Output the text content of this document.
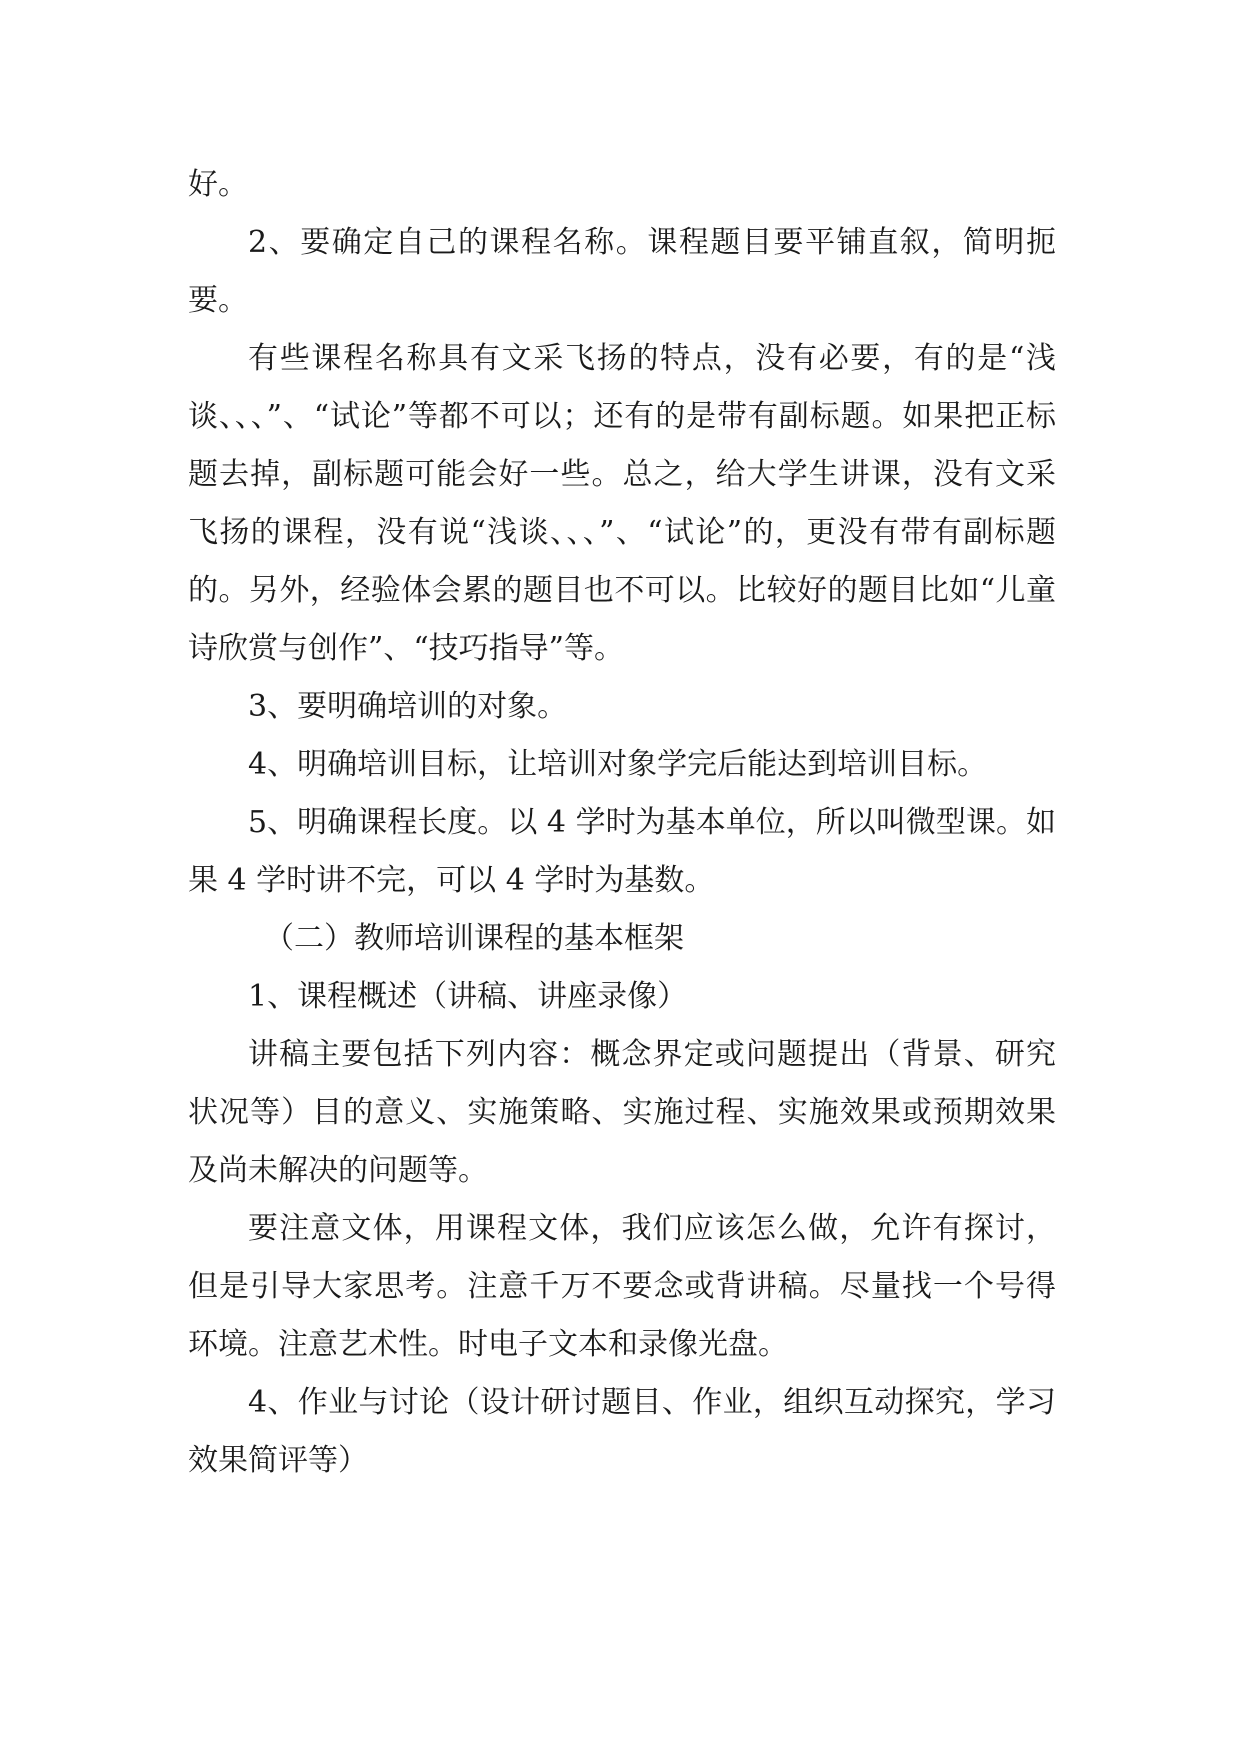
好。

2、要确定自己的课程名称。课程题目要平铺直叙，简明扼要。

有些课程名称具有文采飞扬的特点，没有必要，有的是“浅谈、、、”、“试论”等都不可以；还有的是带有副标题。如果把正标题去掉，副标题可能会好一些。总之，给大学生讲课，没有文采飞扬的课程，没有说“浅谈、、、”、“试论”的，更没有带有副标题的。另外，经验体会累的题目也不可以。比较好的题目比如“儿童诗欣赏与创作”、“技巧指导”等。

3、要明确培训的对象。

4、明确培训目标，让培训对象学完后能达到培训目标。

5、明确课程长度。以 4 学时为基本单位，所以叫微型课。如果 4 学时讲不完，可以 4 学时为基数。

（二）教师培训课程的基本框架

1、课程概述（讲稿、讲座录像）

讲稿主要包括下列内容：概念界定或问题提出（背景、研究状况等）目的意义、实施策略、实施过程、实施效果或预期效果及尚未解决的问题等。

要注意文体，用课程文体，我们应该怎么做，允许有探讨，但是引导大家思考。注意千万不要念或背讲稿。尽量找一个号得环境。注意艺术性。时电子文本和录像光盘。

4、作业与讨论（设计研讨题目、作业，组织互动探究，学习效果简评等）
